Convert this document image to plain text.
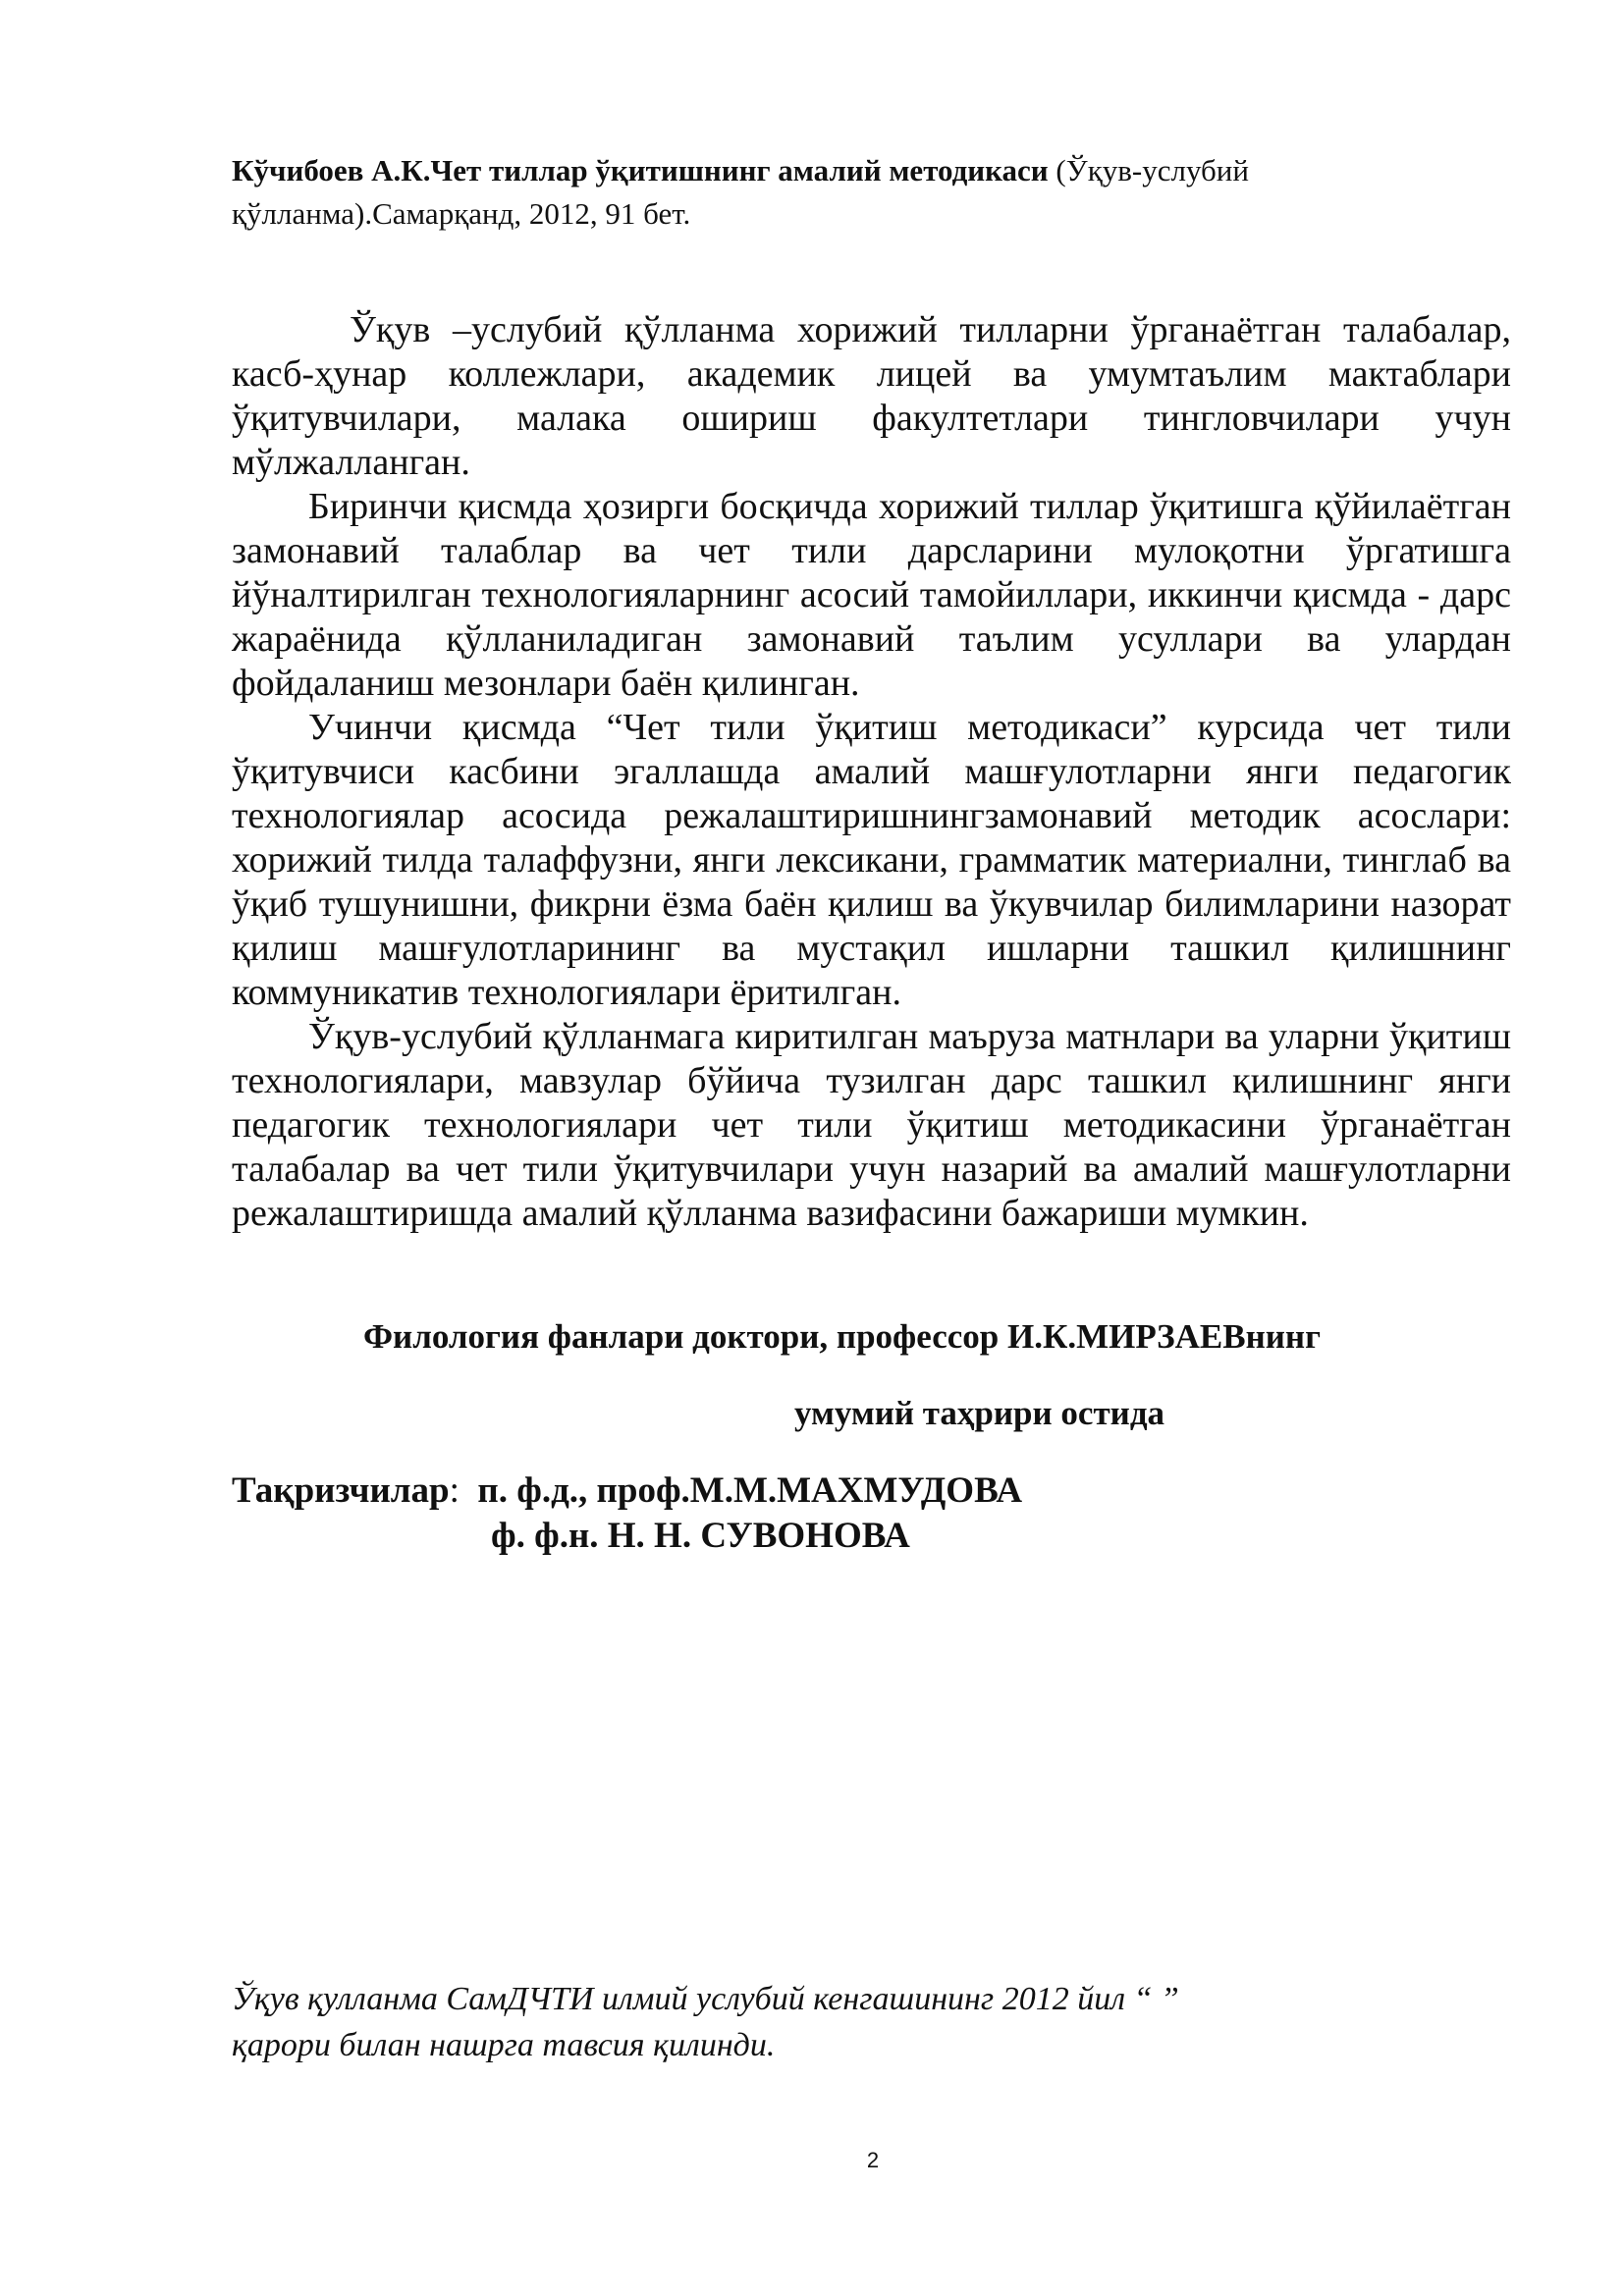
Кўчибоев А.К.Чет тиллар ўқитишнинг амалий методикаси (Ўқув-услубий
қўлланма).Самарқанд, 2012, 91 бет.

Ўқув –услубий қўлланма хорижий тилларни ўрганаётган талабалар, касб-ҳунар коллежлари, академик лицей ва умумтаълим мактаблари ўқитувчилари, малака ошириш факултетлари тингловчилари учун мўлжалланган.

Биринчи қисмда ҳозирги босқичда хорижий тиллар ўқитишга қўйилаётган замонавий талаблар ва чет тили дарсларини мулоқотни ўргатишга йўналтирилган технологияларнинг асосий тамойиллари, иккинчи қисмда - дарс жараёнида қўлланиладиган замонавий таълим усуллари ва улардан фойдаланиш мезонлари баён қилинган.

Учинчи қисмда “Чет тили ўқитиш методикаси” курсида чет тили ўқитувчиси касбини эгаллашда амалий машғулотларни янги педагогик технологиялар асосида режалаштиришнингзамонавий методик асослари: хорижий тилда талаффузни, янги лексикани, грамматик материални, тинглаб ва ўқиб тушунишни, фикрни ёзма баён қилиш ва ўкувчилар билимларини назорат қилиш машғулотларининг ва мустақил ишларни ташкил қилишнинг коммуникатив технологиялари ёритилган.

Ўқув-услубий қўлланмага киритилган маърузa матнлари ва уларни ўқитиш технологиялари, мавзулар бўйича тузилган дарс ташкил қилишнинг янги педагогик технологиялари чет тили ўқитиш методикасини ўрганаётган талабалар ва чет тили ўқитувчилари учун назарий ва амалий машғулотларни режалаштиришда амалий қўлланма вазифасини бажариши мумкин.

Филология фанлари доктори, профессор И.К.МИРЗАЕВнинг
умумий таҳрири остида
Тақризчилар: п. ф.д., проф.М.М.МАХМУДОВА
ф. ф.н. Н. Н. СУВОНОВА
Ўқув қулланма СамДЧТИ илмий услубий кенгашининг 2012 йил “ ”
қарори билан нашрга тавсия қилинди.
2
